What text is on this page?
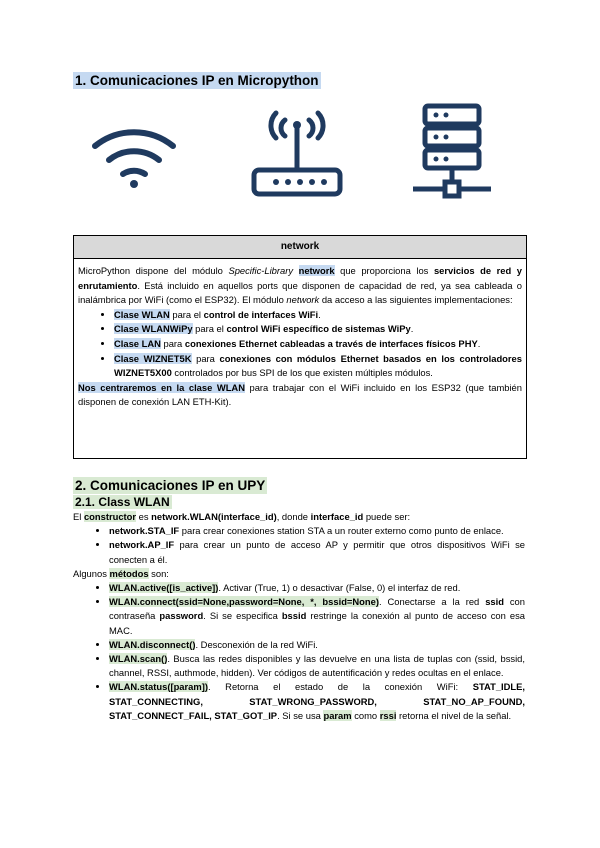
1. Comunicaciones IP en Micropython
network

MicroPython dispone del módulo Specific-Library network que proporciona los servicios de red y enrutamiento. Está incluido en aquellos ports que disponen de capacidad de red, ya sea cableada o inalámbrica por WiFi (como el ESP32). El módulo network da acceso a las siguientes implementaciones:

• Clase WLAN para el control de interfaces WiFi.
• Clase WLANWiPy para el control WiFi específico de sistemas WiPy.
• Clase LAN para conexiones Ethernet cableadas a través de interfaces físicos PHY.
• Clase WIZNET5K para conexiones con módulos Ethernet basados en los controladores WIZNET5X00 controlados por bus SPI de los que existen múltiples módulos.

Nos centraremos en la clase WLAN para trabajar con el WiFi incluido en los ESP32 (que también disponen de conexión LAN ETH-Kit).

2. Comunicaciones IP en UPY
2.1. Class WLAN

El constructor es network.WLAN(interface_id), donde interface_id puede ser:

• network.STA_IF para crear conexiones station STA a un router externo como punto de enlace.
• network.AP_IF para crear un punto de acceso AP y permitir que otros dispositivos WiFi se conecten a él.

Algunos métodos son:

• WLAN.active([is_active]). Activar (True, 1) o desactivar (False, 0) el interfaz de red.
• WLAN.connect(ssid=None,password=None, *, bssid=None). Conectarse a la red ssid con contraseña password. Si se especifica bssid restringe la conexión al punto de acceso con esa MAC.
• WLAN.disconnect(). Desconexión de la red WiFi.
• WLAN.scan(). Busca las redes disponibles y las devuelve en una lista de tuplas con (ssid, bssid, channel, RSSI, authmode, hidden). Ver códigos de autentificación y redes ocultas en el enlace.
• WLAN.status([param]). Retorna el estado de la conexión WiFi: STAT_IDLE, STAT_CONNECTING, STAT_WRONG_PASSWORD, STAT_NO_AP_FOUND, STAT_CONNECT_FAIL, STAT_GOT_IP. Si se usa param como rssi retorna el nivel de la señal.
